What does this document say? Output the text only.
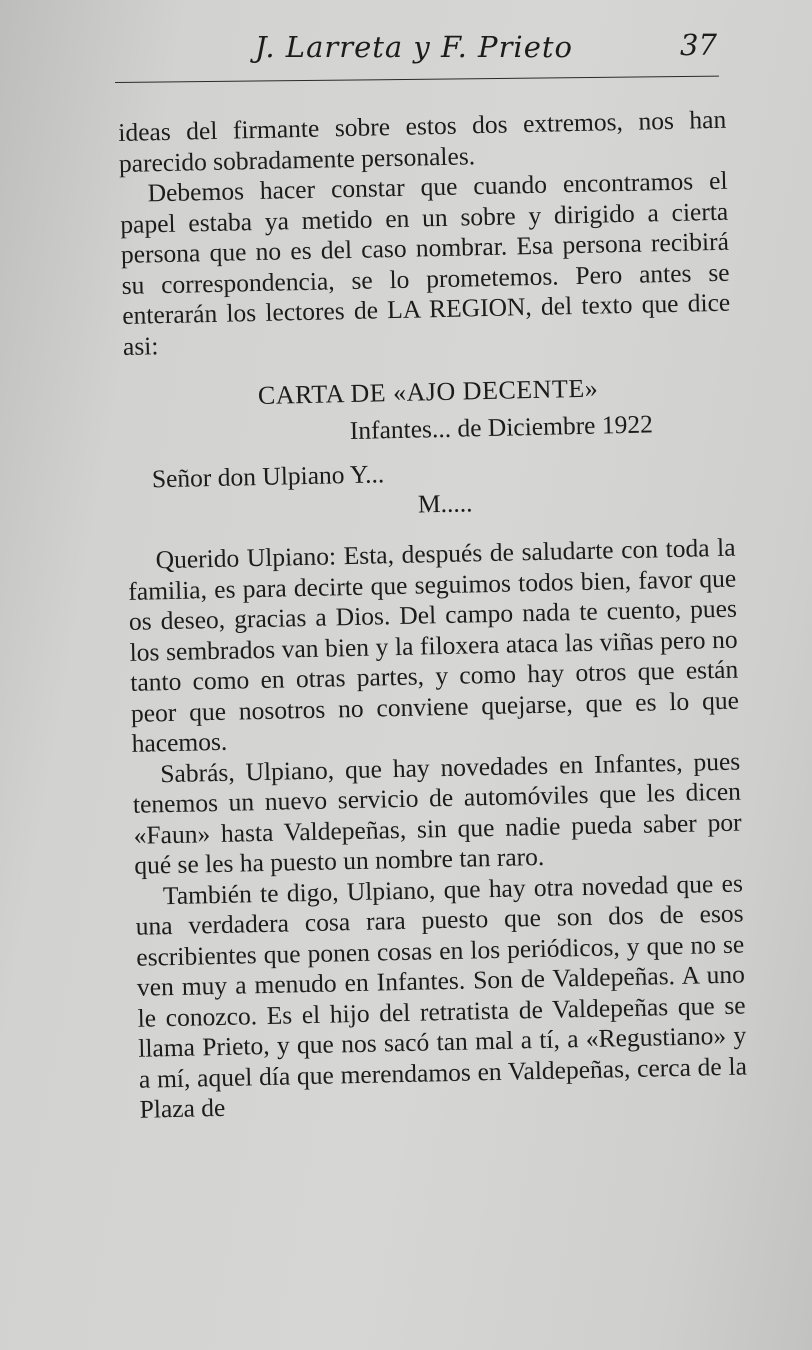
J. Larreta y F. Prieto	37

ideas del firmante sobre estos dos extremos, nos han parecido sobradamente personales.

Debemos hacer constar que cuando encontramos el papel estaba ya metido en un sobre y dirigido a cierta persona que no es del caso nombrar. Esa persona recibirá su correspondencia, se lo prometemos. Pero antes se enterarán los lectores de LA REGION, del texto que dice asi:

CARTA DE «AJO DECENTE»

Infantes... de Diciembre 1922

Señor don Ulpiano Y...

M.....

Querido Ulpiano: Esta, después de saludarte con toda la familia, es para decirte que seguimos todos bien, favor que os deseo, gracias a Dios. Del campo nada te cuento, pues los sembrados van bien y la filoxera ataca las viñas pero no tanto como en otras partes, y como hay otros que están peor que nosotros no conviene quejarse, que es lo que hacemos.

Sabrás, Ulpiano, que hay novedades en Infantes, pues tenemos un nuevo servicio de automóviles que les dicen «Faun» hasta Valdepeñas, sin que nadie pueda saber por qué se les ha puesto un nombre tan raro.

También te digo, Ulpiano, que hay otra novedad que es una verdadera cosa rara puesto que son dos de esos escribientes que ponen cosas en los periódicos, y que no se ven muy a menudo en Infantes. Son de Valdepeñas. A uno le conozco. Es el hijo del retratista de Valdepeñas que se llama Prieto, y que nos sacó tan mal a tí, a «Regustiano» y a mí, aquel día que merendamos en Valdepeñas, cerca de la Plaza de
